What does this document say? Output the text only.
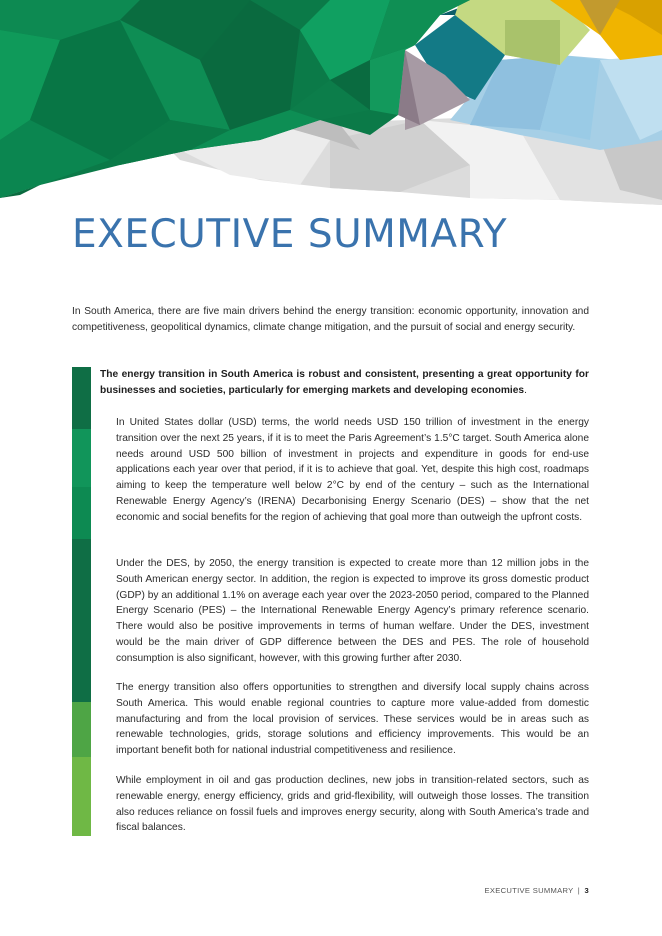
EXECUTIVE SUMMARY

In South America, there are five main drivers behind the energy transition: economic opportunity, innovation and competitiveness, geopolitical dynamics, climate change mitigation, and the pursuit of social and energy security.

The energy transition in South America is robust and consistent, presenting a great opportunity for businesses and societies, particularly for emerging markets and developing economies.

In United States dollar (USD) terms, the world needs USD 150 trillion of investment in the energy transition over the next 25 years, if it is to meet the Paris Agreement’s 1.5°C target. South America alone needs around USD 500 billion of investment in projects and expenditure in goods for end-use applications each year over that period, if it is to achieve that goal. Yet, despite this high cost, roadmaps aiming to keep the temperature well below 2°C by end of the century – such as the International Renewable Energy Agency’s (IRENA) Decarbonising Energy Scenario (DES) – show that the net economic and social benefits for the region of achieving that goal more than outweigh the upfront costs.

Under the DES, by 2050, the energy transition is expected to create more than 12 million jobs in the South American energy sector. In addition, the region is expected to improve its gross domestic product (GDP) by an additional 1.1% on average each year over the 2023-2050 period, compared to the Planned Energy Scenario (PES) – the International Renewable Energy Agency’s primary reference scenario. There would also be positive improvements in terms of human welfare. Under the DES, investment would be the main driver of GDP difference between the DES and PES. The role of household consumption is also significant, however, with this growing further after 2030.

The energy transition also offers opportunities to strengthen and diversify local supply chains across South America. This would enable regional countries to capture more value-added from domestic manufacturing and from the local provision of services. These services would be in areas such as renewable technologies, grids, storage solutions and efficiency improvements. This would be an important benefit both for national industrial competitiveness and resilience.

While employment in oil and gas production declines, new jobs in transition-related sectors, such as renewable energy, energy efficiency, grids and grid-flexibility, will outweigh those losses. The transition also reduces reliance on fossil fuels and improves energy security, along with South America’s trade and fiscal balances.

EXECUTIVE SUMMARY | 3
